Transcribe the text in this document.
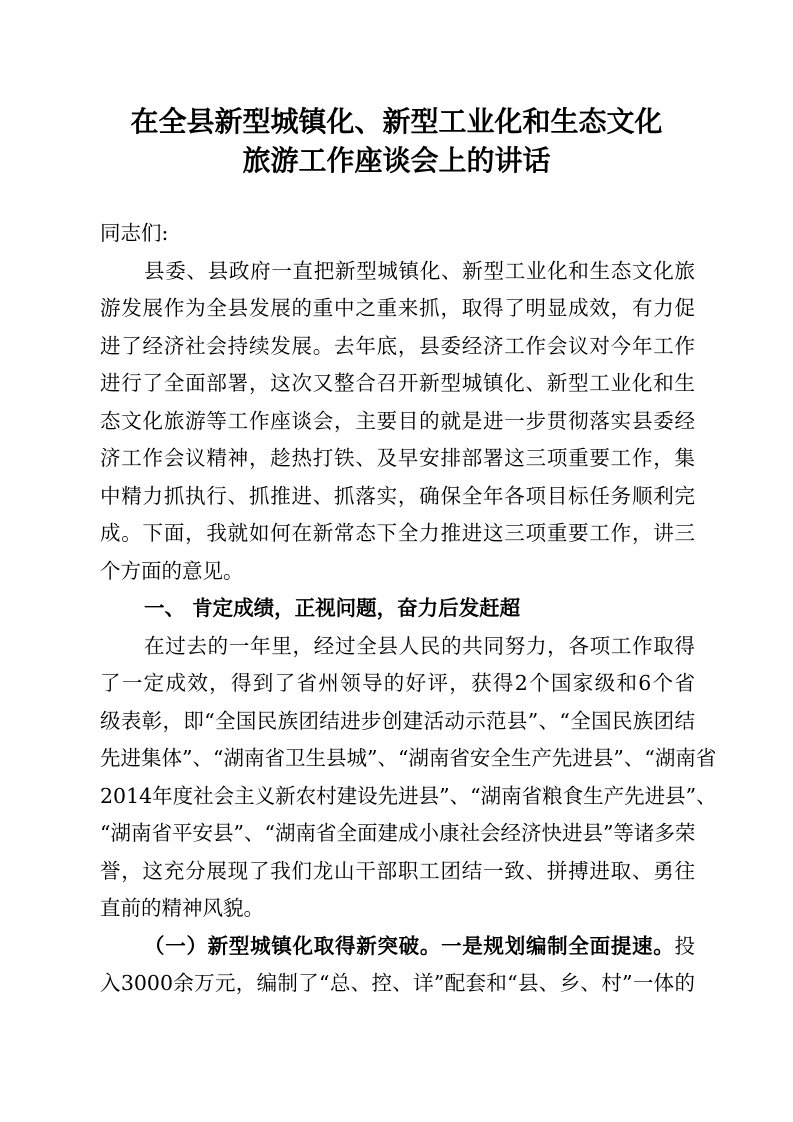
在全县新型城镇化、新型工业化和生态文化
旅游工作座谈会上的讲话
同志们:
县委、县政府一直把新型城镇化、新型工业化和生态文化旅
游发展作为全县发展的重中之重来抓，取得了明显成效，有力促
进了经济社会持续发展。去年底，县委经济工作会议对今年工作
进行了全面部署，这次又整合召开新型城镇化、新型工业化和生
态文化旅游等工作座谈会，主要目的就是进一步贯彻落实县委经
济工作会议精神，趁热打铁、及早安排部署这三项重要工作，集
中精力抓执行、抓推进、抓落实，确保全年各项目标任务顺利完
成。下面，我就如何在新常态下全力推进这三项重要工作，讲三
个方面的意见。
一、 肯定成绩，正视问题，奋力后发赶超
在过去的一年里，经过全县人民的共同努力，各项工作取得
了一定成效，得到了省州领导的好评，获得2个国家级和6个省
级表彰，即“全国民族团结进步创建活动示范县”、“全国民族团结
先进集体”、“湖南省卫生县城”、“湖南省安全生产先进县”、“湖南省
2014年度社会主义新农村建设先进县”、“湖南省粮食生产先进县”、
“湖南省平安县”、“湖南省全面建成小康社会经济快进县”等诸多荣
誉，这充分展现了我们龙山干部职工团结一致、拼搏进取、勇往
直前的精神风貌。
（一）新型城镇化取得新突破。一是规划编制全面提速。投
入3000余万元，编制了“总、控、详”配套和“县、乡、村”一体的
